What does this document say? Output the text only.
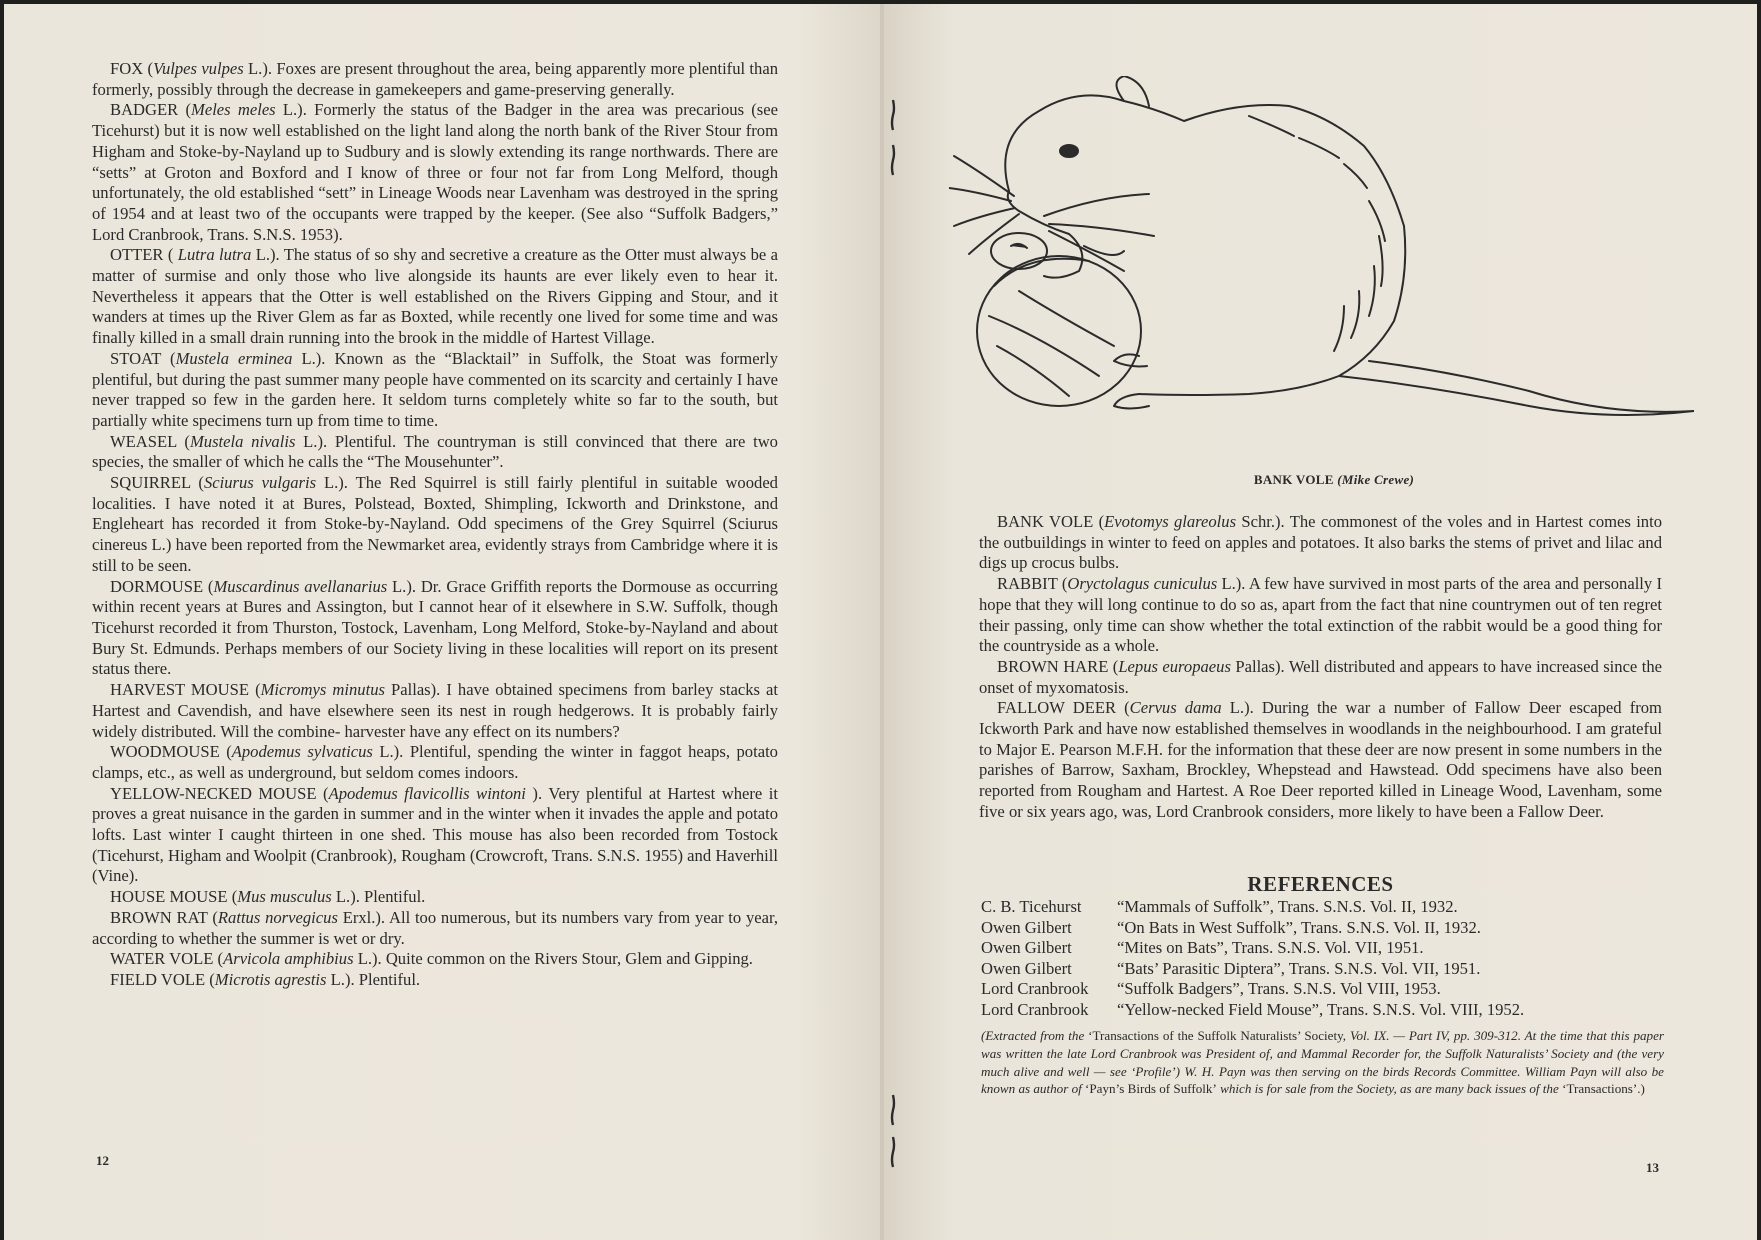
FOX (Vulpes vulpes L.). Foxes are present throughout the area, being apparently more plentiful than formerly, possibly through the decrease in gamekeepers and game-preserving generally.

BADGER (Meles meles L.). Formerly the status of the Badger in the area was precarious (see Ticehurst) but it is now well established on the light land along the north bank of the River Stour from Higham and Stoke-by-Nayland up to Sudbury and is slowly extending its range northwards. There are “setts” at Groton and Boxford and I know of three or four not far from Long Melford, though unfortunately, the old established “sett” in Lineage Woods near Lavenham was destroyed in the spring of 1954 and at least two of the occupants were trapped by the keeper. (See also “Suffolk Badgers,” Lord Cranbrook, Trans. S.N.S. 1953).

OTTER ( Lutra lutra L.). The status of so shy and secretive a creature as the Otter must always be a matter of surmise and only those who live alongside its haunts are ever likely even to hear it. Nevertheless it appears that the Otter is well established on the Rivers Gipping and Stour, and it wanders at times up the River Glem as far as Boxted, while recently one lived for some time and was finally killed in a small drain running into the brook in the middle of Hartest Village.

STOAT (Mustela erminea L.). Known as the “Blacktail” in Suffolk, the Stoat was formerly plentiful, but during the past summer many people have commented on its scarcity and certainly I have never trapped so few in the garden here. It seldom turns completely white so far to the south, but partially white specimens turn up from time to time.

WEASEL (Mustela nivalis L.). Plentiful. The countryman is still convinced that there are two species, the smaller of which he calls the “The Mousehunter”.

SQUIRREL (Sciurus vulgaris L.). The Red Squirrel is still fairly plentiful in suitable wooded localities. I have noted it at Bures, Polstead, Boxted, Shimpling, Ickworth and Drinkstone, and Engleheart has recorded it from Stoke-by-Nayland. Odd specimens of the Grey Squirrel (Sciurus cinereus L.) have been reported from the Newmarket area, evidently strays from Cambridge where it is still to be seen.

DORMOUSE (Muscardinus avellanarius L.). Dr. Grace Griffith reports the Dormouse as occurring within recent years at Bures and Assington, but I cannot hear of it elsewhere in S.W. Suffolk, though Ticehurst recorded it from Thurston, Tostock, Lavenham, Long Melford, Stoke-by-Nayland and about Bury St. Edmunds. Perhaps members of our Society living in these localities will report on its present status there.

HARVEST MOUSE (Micromys minutus Pallas). I have obtained specimens from barley stacks at Hartest and Cavendish, and have elsewhere seen its nest in rough hedgerows. It is probably fairly widely distributed. Will the combine- harvester have any effect on its numbers?

WOODMOUSE (Apodemus sylvaticus L.). Plentiful, spending the winter in faggot heaps, potato clamps, etc., as well as underground, but seldom comes indoors.

YELLOW-NECKED MOUSE (Apodemus flavicollis wintoni ). Very plentiful at Hartest where it proves a great nuisance in the garden in summer and in the winter when it invades the apple and potato lofts. Last winter I caught thirteen in one shed. This mouse has also been recorded from Tostock (Ticehurst, Higham and Woolpit (Cranbrook), Rougham (Crowcroft, Trans. S.N.S. 1955) and Haverhill (Vine).

HOUSE MOUSE (Mus musculus L.). Plentiful.

BROWN RAT (Rattus norvegicus Erxl.). All too numerous, but its numbers vary from year to year, according to whether the summer is wet or dry.

WATER VOLE (Arvicola amphibius L.). Quite common on the Rivers Stour, Glem and Gipping.

FIELD VOLE (Microtis agrestis L.). Plentiful.

12
BANK VOLE (Mike Crewe)

BANK VOLE (Evotomys glareolus Schr.). The commonest of the voles and in Hartest comes into the outbuildings in winter to feed on apples and potatoes. It also barks the stems of privet and lilac and digs up crocus bulbs.

RABBIT (Oryctolagus cuniculus L.). A few have survived in most parts of the area and personally I hope that they will long continue to do so as, apart from the fact that nine countrymen out of ten regret their passing, only time can show whether the total extinction of the rabbit would be a good thing for the countryside as a whole.

BROWN HARE (Lepus europaeus Pallas). Well distributed and appears to have increased since the onset of myxomatosis.

FALLOW DEER (Cervus dama L.). During the war a number of Fallow Deer escaped from Ickworth Park and have now established themselves in woodlands in the neighbourhood. I am grateful to Major E. Pearson M.F.H. for the information that these deer are now present in some numbers in the parishes of Barrow, Saxham, Brockley, Whepstead and Hawstead. Odd specimens have also been reported from Rougham and Hartest. A Roe Deer reported killed in Lineage Wood, Lavenham, some five or six years ago, was, Lord Cranbrook considers, more likely to have been a Fallow Deer.

REFERENCES
C. B. Ticehurst	“Mammals of Suffolk”, Trans. S.N.S. Vol. II, 1932.
Owen Gilbert	“On Bats in West Suffolk”, Trans. S.N.S. Vol. II, 1932.
Owen Gilbert	“Mites on Bats”, Trans. S.N.S. Vol. VII, 1951.
Owen Gilbert	“Bats’ Parasitic Diptera”, Trans. S.N.S. Vol. VII, 1951.
Lord Cranbrook	“Suffolk Badgers”, Trans. S.N.S. Vol VIII, 1953.
Lord Cranbrook	“Yellow-necked Field Mouse”, Trans. S.N.S. Vol. VIII, 1952.
(Extracted from the ‘Transactions of the Suffolk Naturalists’ Society, Vol. IX. — Part IV, pp. 309-312. At the time that this paper was written the late Lord Cranbrook was President of, and Mammal Recorder for, the Suffolk Naturalists’ Society and (the very much alive and well — see ‘Profile’) W. H. Payn was then serving on the birds Records Committee. William Payn will also be known as author of ‘Payn’s Birds of Suffolk’ which is for sale from the Society, as are many back issues of the ‘Transactions’.)
13
